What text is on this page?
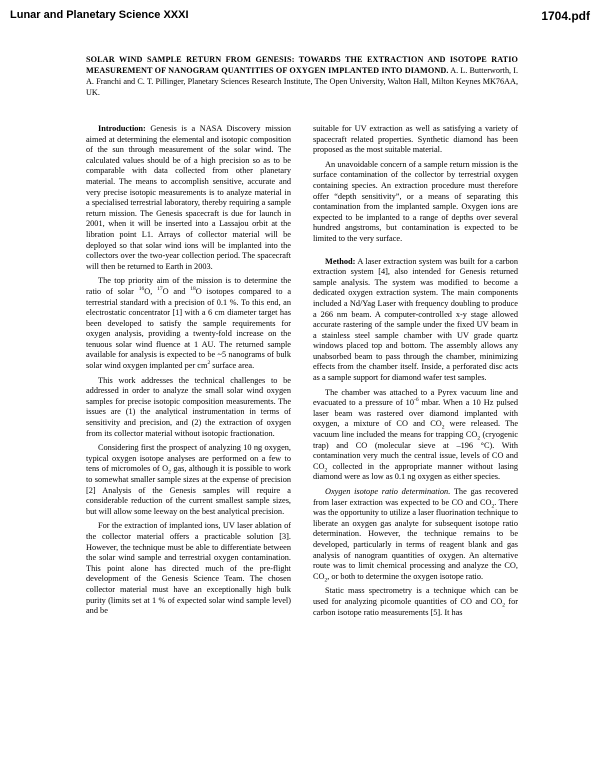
Lunar and Planetary Science XXXI	1704.pdf
SOLAR WIND SAMPLE RETURN FROM GENESIS: TOWARDS THE EXTRACTION AND ISOTOPE RATIO MEASUREMENT OF NANOGRAM QUANTITIES OF OXYGEN IMPLANTED INTO DIAMOND. A. L. Butterworth, I. A. Franchi and C. T. Pillinger, Planetary Sciences Research Institute, The Open University, Walton Hall, Milton Keynes MK76AA, UK.

Introduction: Genesis is a NASA Discovery mission aimed at determining the elemental and isotopic composition of the sun through measurement of the solar wind. The calculated values should be of a high precision so as to be comparable with data collected from other planetary material. The means to accomplish sensitive, accurate and very precise isotopic measurements is to analyze material in a specialised terrestrial laboratory, thereby requiring a sample return mission. The Genesis spacecraft is due for launch in 2001, when it will be inserted into a Lassajou orbit at the libration point L1. Arrays of collector material will be deployed so that solar wind ions will be implanted into the collectors over the two-year collection period. The spacecraft will then be returned to Earth in 2003.

The top priority aim of the mission is to determine the ratio of solar $^{16}$O, $^{17}$O and $^{18}$O isotopes compared to a terrestrial standard with a precision of 0.1 %. To this end, an electrostatic concentrator [1] with a 6 cm diameter target has been developed to satisfy the sample requirements for oxygen analysis, providing a twenty-fold increase on the tenuous solar wind fluence at 1 AU. The returned sample available for analysis is expected to be ~5 nanograms of bulk solar wind oxygen implanted per $cm^2$ surface area.

This work addresses the technical challenges to be addressed in order to analyze the small solar wind oxygen samples for precise isotopic composition measurements. The issues are (1) the analytical instrumentation in terms of sensitivity and precision, and (2) the extraction of oxygen from its collector material without isotopic fractionation.

Considering first the prospect of analyzing 10 ng oxygen, typical oxygen isotope analyses are performed on a few to tens of micromoles of $O_2$ gas, although it is possible to work to somewhat smaller sample sizes at the expense of precision [2] Analysis of the Genesis samples will require a considerable reduction of the current smallest sample sizes, but will allow some leeway on the best analytical precision.

For the extraction of implanted ions, UV laser ablation of the collector material offers a practicable solution [3]. However, the technique must be able to differentiate between the solar wind sample and terrestrial oxygen contamination. This point alone has directed much of the pre-flight development of the Genesis Science Team. The chosen collector material must have an exceptionally high bulk purity (limits set at 1 % of expected solar wind sample level) and be

suitable for UV extraction as well as satisfying a variety of spacecraft related properties. Synthetic diamond has been proposed as the most suitable material.

An unavoidable concern of a sample return mission is the surface contamination of the collector by terrestrial oxygen containing species. An extraction procedure must therefore offer “depth sensitivity”, or a means of separating this contamination from the implanted sample. Oxygen ions are expected to be implanted to a range of depths over several hundred angstroms, but contamination is expected to be limited to the very surface.

Method: A laser extraction system was built for a carbon extraction system [4], also intended for Genesis returned sample analysis. The system was modified to become a dedicated oxygen extraction system. The main components included a Nd/Yag Laser with frequency doubling to produce a 266 nm beam. A computer-controlled x-y stage allowed accurate rastering of the sample under the fixed UV beam in a stainless steel sample chamber with UV grade quartz windows placed top and bottom. The assembly allows any unabsorbed beam to pass through the chamber, minimizing effects from the chamber itself. Inside, a perforated disc acts as a sample support for diamond wafer test samples.

The chamber was attached to a Pyrex vacuum line and evacuated to a pressure of $10^{-6}$ mbar. When a 10 Hz pulsed laser beam was rastered over diamond implanted with oxygen, a mixture of CO and $CO_2$ were released. The vacuum line included the means for trapping $CO_2$ (cryogenic trap) and CO (molecular sieve at –196 °C). With contamination very much the central issue, levels of CO and $CO_2$ collected in the appropriate manner without lasing diamond were as low as 0.1 ng oxygen as either species.

Oxygen isotope ratio determination. The gas recovered from laser extraction was expected to be CO and $CO_2$. There was the opportunity to utilize a laser fluorination technique to liberate an oxygen gas analyte for subsequent isotope ratio determination. However, the technique remains to be developed, particularly in terms of reagent blank and gas analysis of nanogram quantities of oxygen. An alternative route was to limit chemical processing and analyze the CO, $CO_2$, or both to determine the oxygen isotope ratio.

Static mass spectrometry is a technique which can be used for analyzing picomole quantities of CO and $CO_2$ for carbon isotope ratio measurements [5]. It has
